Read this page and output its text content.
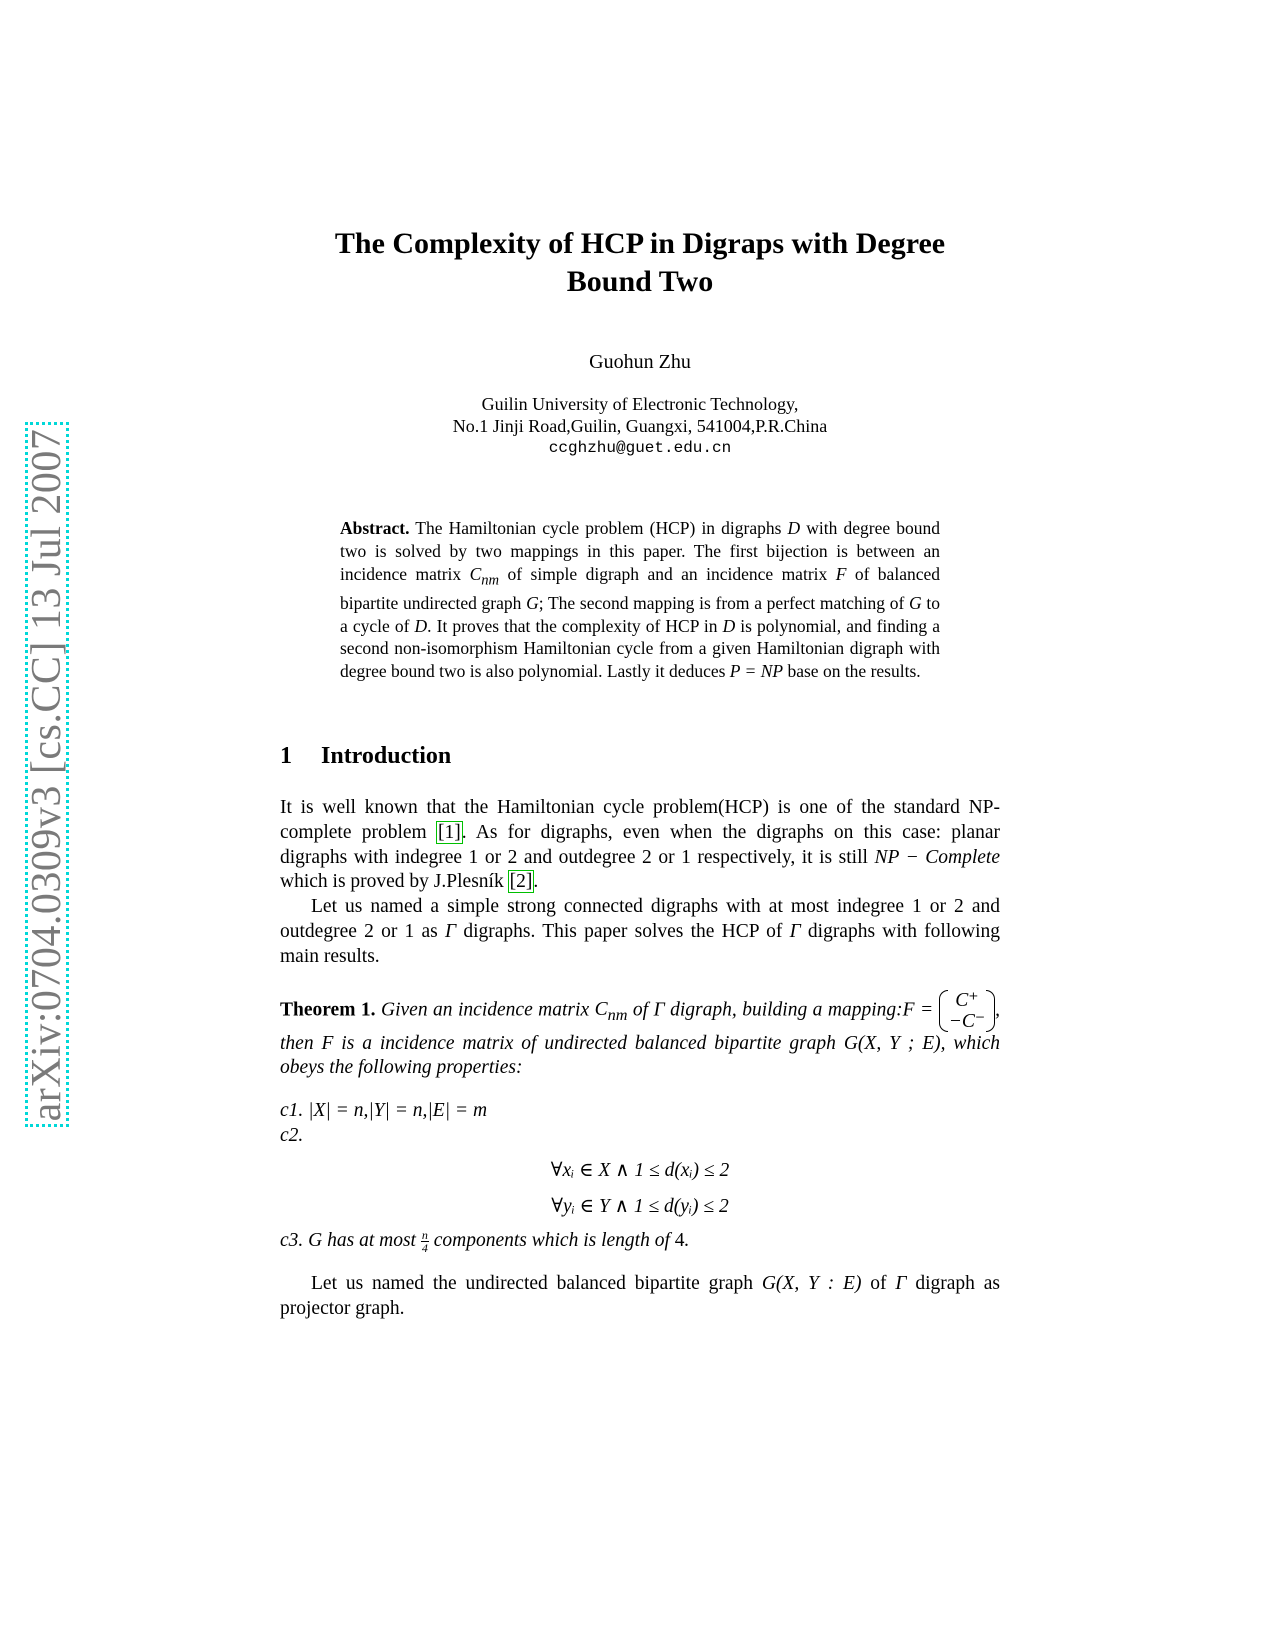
arXiv:0704.0309v3 [cs.CC] 13 Jul 2007
The Complexity of HCP in Digraps with Degree
Bound Two
Guohun Zhu
Guilin University of Electronic Technology,
No.1 Jinji Road,Guilin, Guangxi, 541004,P.R.China
ccghzhu@guet.edu.cn
Abstract. The Hamiltonian cycle problem (HCP) in digraphs D with degree bound two is solved by two mappings in this paper. The first bijection is between an incidence matrix $C_{nm}$ of simple digraph and an incidence matrix F of balanced bipartite undirected graph G; The second mapping is from a perfect matching of G to a cycle of D. It proves that the complexity of HCP in D is polynomial, and finding a second non-isomorphism Hamiltonian cycle from a given Hamiltonian digraph with degree bound two is also polynomial. Lastly it deduces P = NP base on the results.
1 Introduction

It is well known that the Hamiltonian cycle problem(HCP) is one of the standard NP-complete problem [1]. As for digraphs, even when the digraphs on this case: planar digraphs with indegree 1 or 2 and outdegree 2 or 1 respectively, it is still NP − Complete which is proved by J.Plesník [2].

Let us named a simple strong connected digraphs with at most indegree 1 or 2 and outdegree 2 or 1 as Γ digraphs. This paper solves the HCP of Γ digraphs with following main results.

Theorem 1. Given an incidence matrix $C_{nm}$ of Γ digraph, building a mapping:F = C⁺
−C⁻, then F is a incidence matrix of undirected balanced bipartite graph G(X, Y ; E), which obeys the following properties:
c1. |X| = n,|Y| = n,|E| = m
c2.
∀xᵢ ∈ X ∧ 1 ≤ d(xᵢ) ≤ 2
∀yᵢ ∈ Y ∧ 1 ≤ d(yᵢ) ≤ 2
c3. G has at most $\frac{n}{4}$ components which is length of 4.

Let us named the undirected balanced bipartite graph G(X, Y : E) of Γ digraph as projector graph.
